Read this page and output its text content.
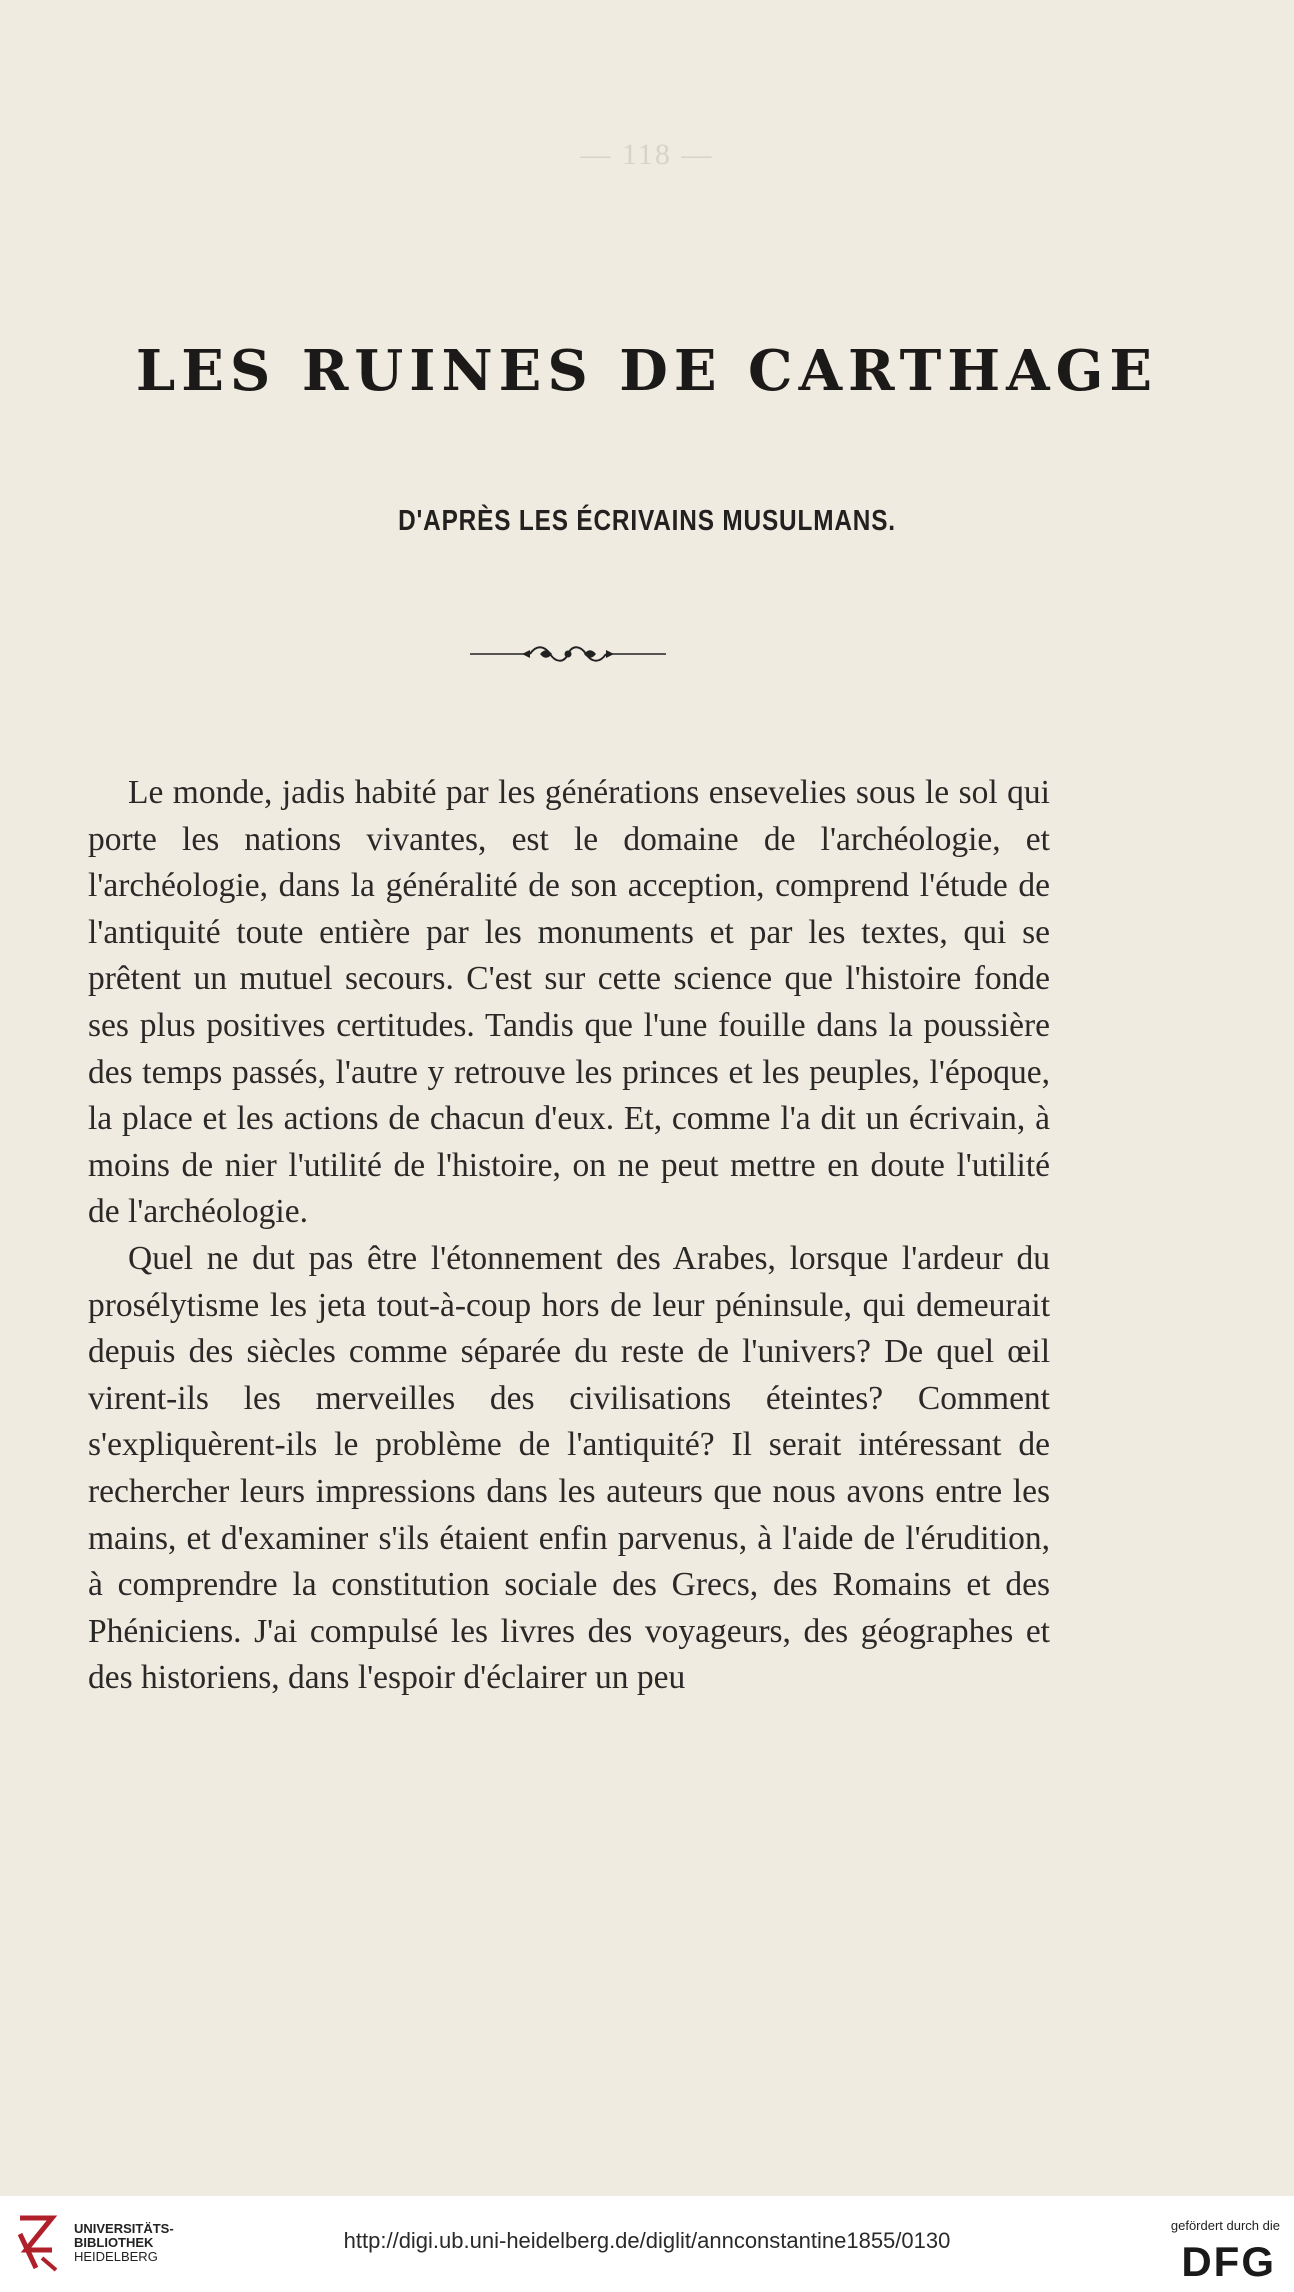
— 118 —
LES RUINES DE CARTHAGE
D'APRÈS LES ÉCRIVAINS MUSULMANS.

Le monde, jadis habité par les générations ensevelies sous le sol qui porte les nations vivantes, est le domaine de l'archéologie, et l'archéologie, dans la généralité de son acception, comprend l'étude de l'antiquité toute entière par les monuments et par les textes, qui se prêtent un mutuel secours. C'est sur cette science que l'histoire fonde ses plus positives certitudes. Tandis que l'une fouille dans la poussière des temps passés, l'autre y retrouve les princes et les peuples, l'époque, la place et les actions de chacun d'eux. Et, comme l'a dit un écrivain, à moins de nier l'utilité de l'histoire, on ne peut mettre en doute l'utilité de l'archéologie.

Quel ne dut pas être l'étonnement des Arabes, lorsque l'ardeur du prosélytisme les jeta tout-à-coup hors de leur péninsule, qui demeurait depuis des siècles comme séparée du reste de l'univers? De quel œil virent-ils les merveilles des civilisations éteintes? Comment s'expliquèrent-ils le problème de l'antiquité? Il serait intéressant de rechercher leurs impressions dans les auteurs que nous avons entre les mains, et d'examiner s'ils étaient enfin parvenus, à l'aide de l'érudition, à comprendre la constitution sociale des Grecs, des Romains et des Phéniciens. J'ai compulsé les livres des voyageurs, des géographes et des historiens, dans l'espoir d'éclairer un peu

UNIVERSITÄTS-
BIBLIOTHEK
HEIDELBERG
http://digi.ub.uni-heidelberg.de/diglit/annconstantine1855/0130
gefördert durch die
DFG
